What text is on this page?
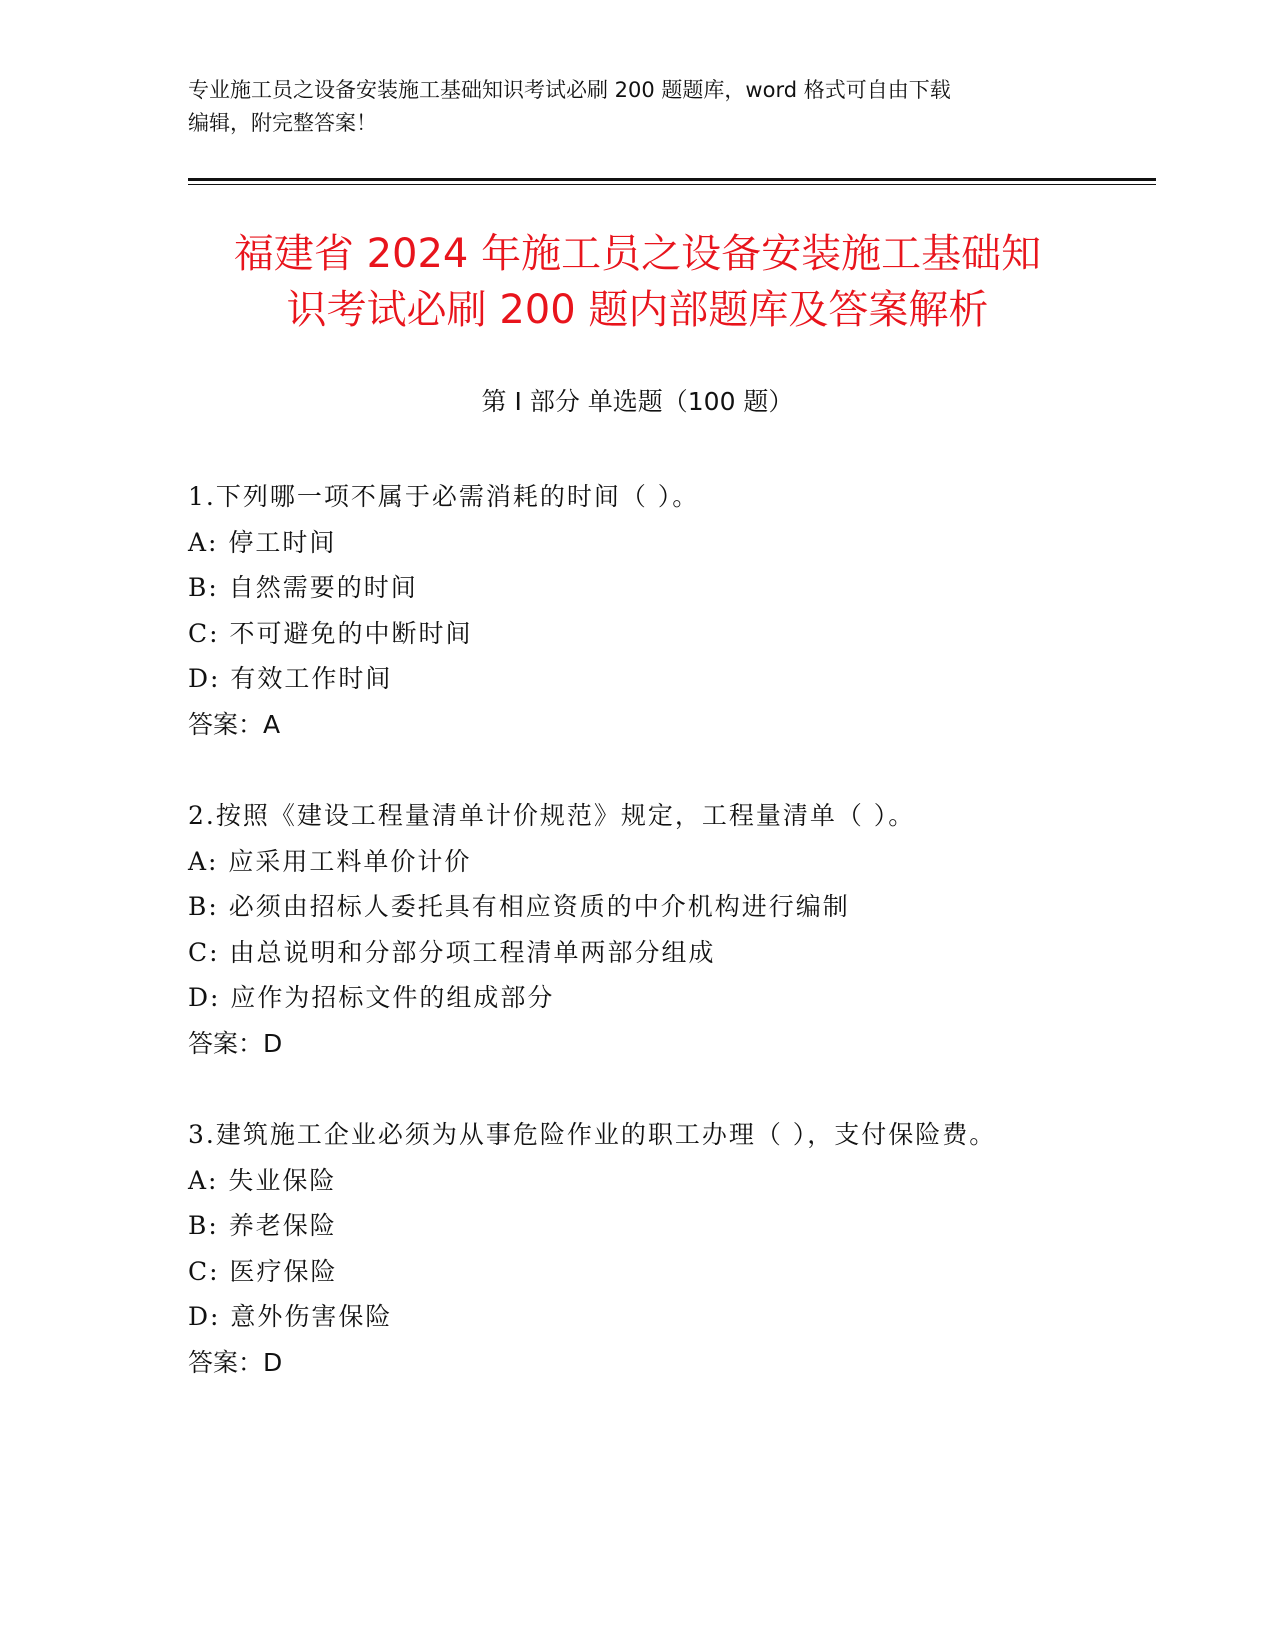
专业施工员之设备安装施工基础知识考试必刷 200 题题库，word 格式可自由下载
编辑，附完整答案！
福建省 2024 年施工员之设备安装施工基础知
识考试必刷 200 题内部题库及答案解析
第 I 部分 单选题（100 题）
1.下列哪一项不属于必需消耗的时间（ ）。
A: 停工时间
B: 自然需要的时间
C: 不可避免的中断时间
D: 有效工作时间
答案：A
2.按照《建设工程量清单计价规范》规定，工程量清单（ ）。
A: 应采用工料单价计价
B: 必须由招标人委托具有相应资质的中介机构进行编制
C: 由总说明和分部分项工程清单两部分组成
D: 应作为招标文件的组成部分
答案：D
3.建筑施工企业必须为从事危险作业的职工办理（ ），支付保险费。
A: 失业保险
B: 养老保险
C: 医疗保险
D: 意外伤害保险
答案：D
